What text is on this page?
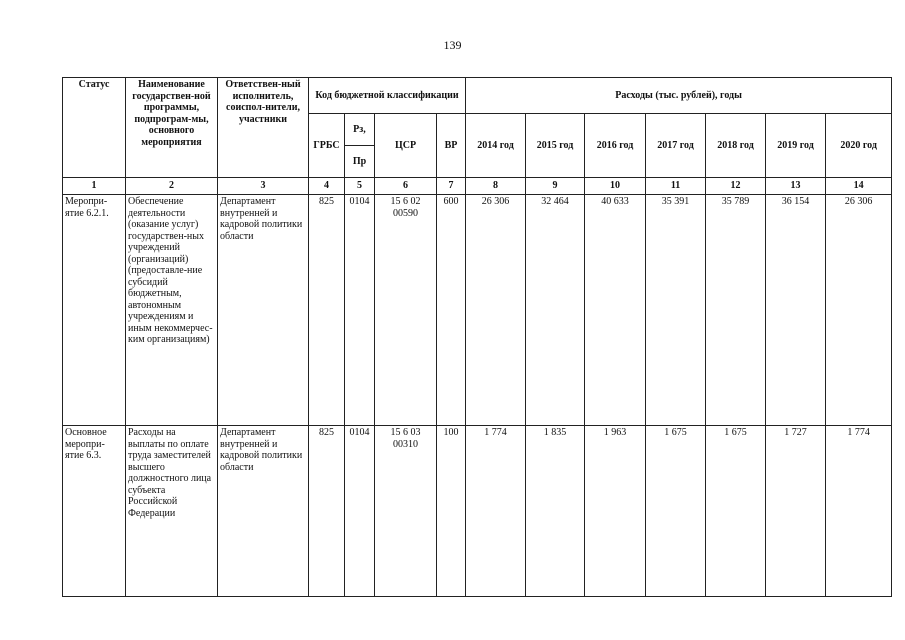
139
Статус	Наименование государствен-ной программы, подпрограм-мы, основного мероприятия	Ответствен-ный исполнитель, соиспол-нители, участники	Код бюджетной классификации				Расходы (тыс. рублей), годы						
			ГРБС	Рз,	ЦСР	ВР	2014 год	2015 год	2016 год	2017 год	2018 год	2019 год	2020 год
				Пр									
1	2	3	4	5	6	7	8	9	10	11	12	13	14
Меропри-ятие 6.2.1.	Обеспечение деятельности (оказание услуг) государствен-ных учреждений (организаций) (предоставле-ние субсидий бюджетным, автономным учреждениям и иным некоммерчес-ким организациям)	Департамент внутренней и кадровой политики области	825	0104	15 6 02 00590	600	26 306	32 464	40 633	35 391	35 789	36 154	26 306
Основное меропри-ятие 6.3.	Расходы на выплаты по оплате труда заместителей высшего должностного лица субъекта Российской Федерации	Департамент внутренней и кадровой политики области	825	0104	15 6 03 00310	100	1 774	1 835	1 963	1 675	1 675	1 727	1 774
